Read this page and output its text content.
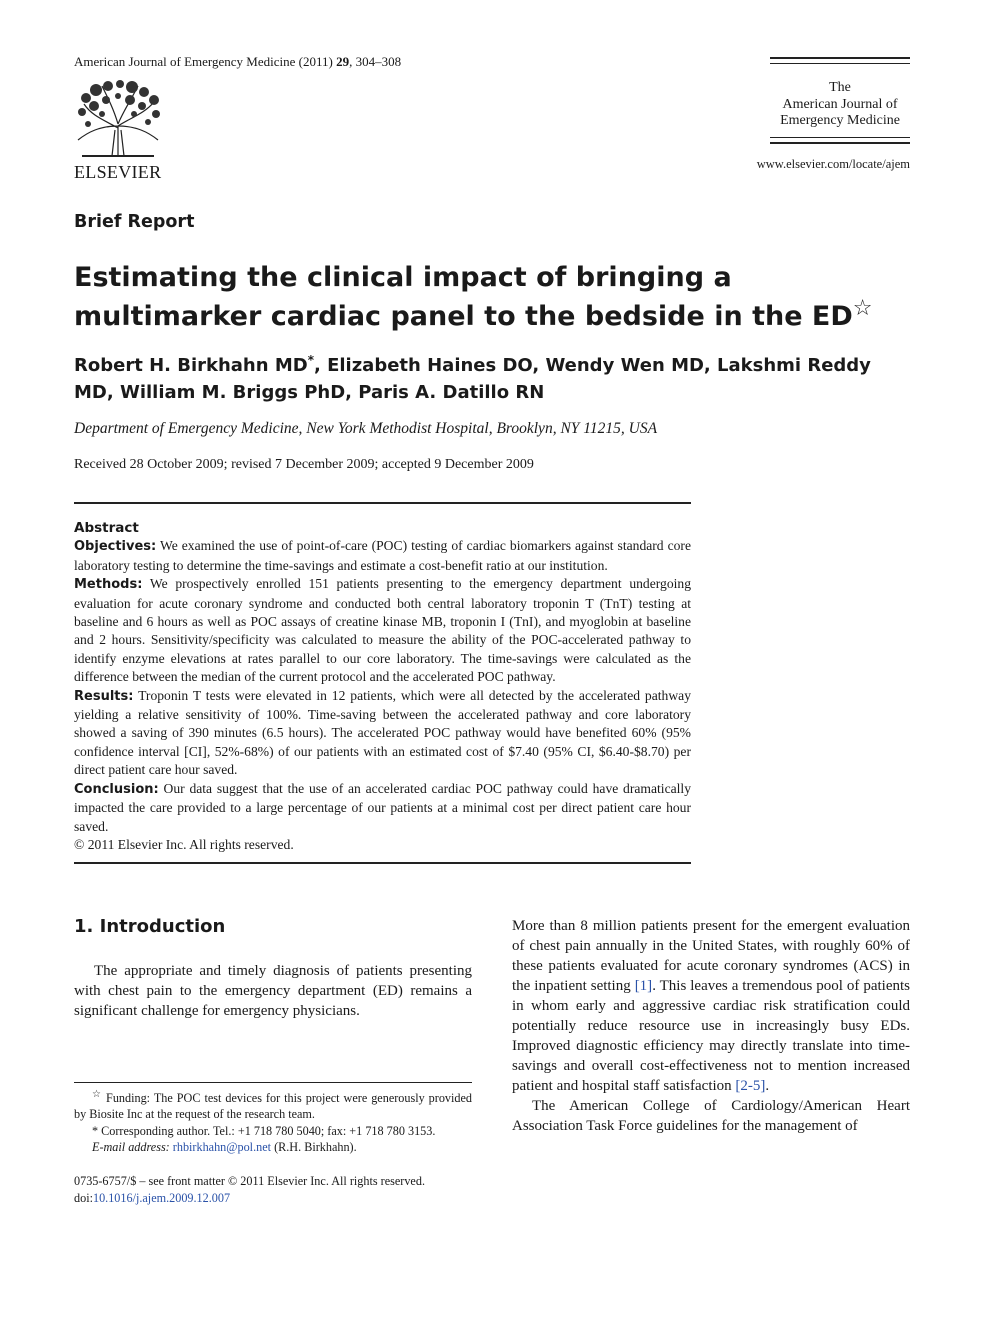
American Journal of Emergency Medicine (2011) 29, 304–308
ELSEVIER
The
American Journal of
Emergency Medicine
www.elsevier.com/locate/ajem
Brief Report
Estimating the clinical impact of bringing a multimarker cardiac panel to the bedside in the ED☆
Robert H. Birkhahn MD*, Elizabeth Haines DO, Wendy Wen MD, Lakshmi Reddy MD, William M. Briggs PhD, Paris A. Datillo RN
Department of Emergency Medicine, New York Methodist Hospital, Brooklyn, NY 11215, USA
Received 28 October 2009; revised 7 December 2009; accepted 9 December 2009

Abstract

Objectives: We examined the use of point-of-care (POC) testing of cardiac biomarkers against standard core laboratory testing to determine the time-savings and estimate a cost-benefit ratio at our institution.

Methods: We prospectively enrolled 151 patients presenting to the emergency department undergoing evaluation for acute coronary syndrome and conducted both central laboratory troponin T (TnT) testing at baseline and 6 hours as well as POC assays of creatine kinase MB, troponin I (TnI), and myoglobin at baseline and 2 hours. Sensitivity/specificity was calculated to measure the ability of the POC-accelerated pathway to identify enzyme elevations at rates parallel to our core laboratory. The time-savings were calculated as the difference between the median of the current protocol and the accelerated POC pathway.

Results: Troponin T tests were elevated in 12 patients, which were all detected by the accelerated pathway yielding a relative sensitivity of 100%. Time-saving between the accelerated pathway and core laboratory showed a saving of 390 minutes (6.5 hours). The accelerated POC pathway would have benefited 60% (95% confidence interval [CI], 52%-68%) of our patients with an estimated cost of $7.40 (95% CI, $6.40-$8.70) per direct patient care hour saved.

Conclusion: Our data suggest that the use of an accelerated cardiac POC pathway could have dramatically impacted the care provided to a large percentage of our patients at a minimal cost per direct patient care hour saved.

© 2011 Elsevier Inc. All rights reserved.

1. Introduction

The appropriate and timely diagnosis of patients presenting with chest pain to the emergency department (ED) remains a significant challenge for emergency physicians.

More than 8 million patients present for the emergent evaluation of chest pain annually in the United States, with roughly 60% of these patients evaluated for acute coronary syndromes (ACS) in the inpatient setting [1]. This leaves a tremendous pool of patients in whom early and aggressive cardiac risk stratification could potentially reduce resource use in increasingly busy EDs. Improved diagnostic efficiency may directly translate into time-savings and overall cost-effectiveness not to mention increased patient and hospital staff satisfaction [2-5].

The American College of Cardiology/American Heart Association Task Force guidelines for the management of

☆ Funding: The POC test devices for this project were generously provided by Biosite Inc at the request of the research team.

* Corresponding author. Tel.: +1 718 780 5040; fax: +1 718 780 3153.

E-mail address: rhbirkhahn@pol.net (R.H. Birkhahn).

0735-6757/$ – see front matter © 2011 Elsevier Inc. All rights reserved.
doi:10.1016/j.ajem.2009.12.007
